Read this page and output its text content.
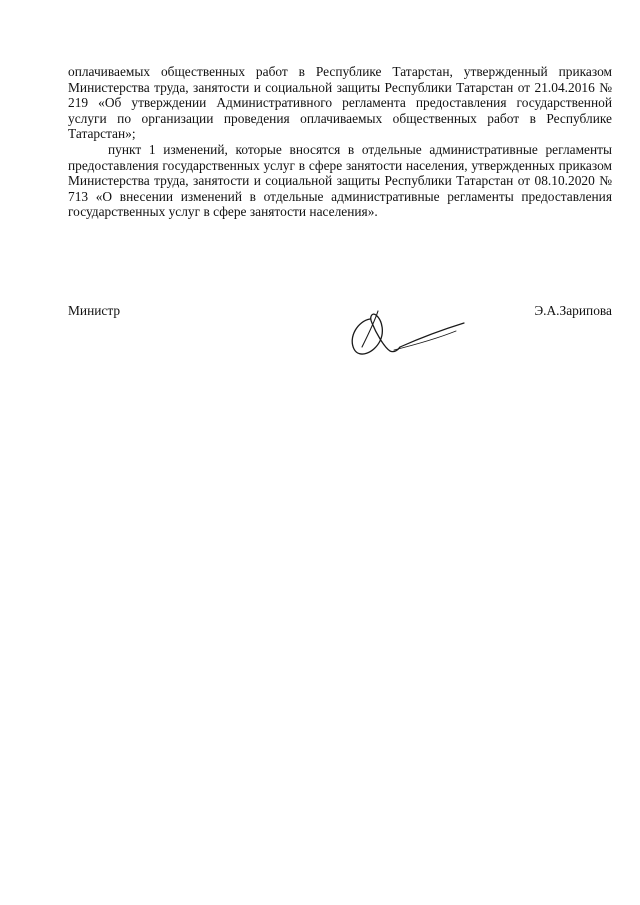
оплачиваемых общественных работ в Республике Татарстан, утвержденный приказом Министерства труда, занятости и социальной защиты Республики Татарстан от 21.04.2016 № 219 «Об утверждении Административного регламента предоставления государственной услуги по организации проведения оплачиваемых общественных работ в Республике Татарстан»;

пункт 1 изменений, которые вносятся в отдельные административные регламенты предоставления государственных услуг в сфере занятости населения, утвержденных приказом Министерства труда, занятости и социальной защиты Республики Татарстан от 08.10.2020 № 713 «О внесении изменений в отдельные административные регламенты предоставления государственных услуг в сфере занятости населения».

Министр	Э.А.Зарипова
